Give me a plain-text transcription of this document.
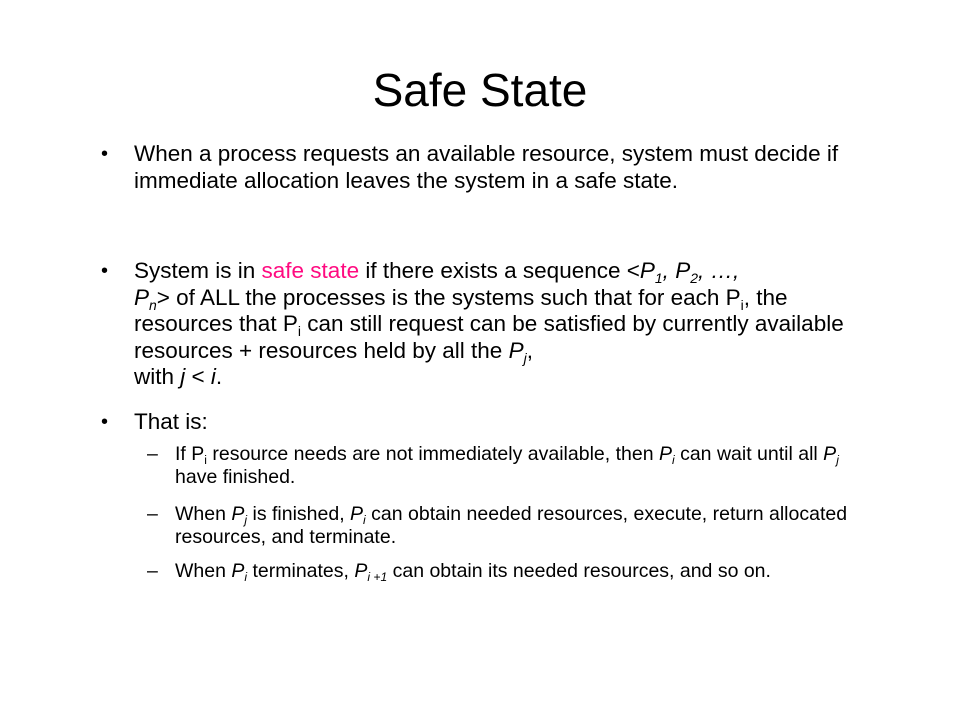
Safe State
• When a process requests an available resource, system must decide if immediate allocation leaves the system in a safe state.
• System is in safe state if there exists a sequence $<P_1$, $P_2$, …,
$P_n>$ of ALL the processes is the systems such that for each $P_i$, the resources that $P_i$ can still request can be satisfied by currently available resources + resources held by all the $P_j$,
with j < i.
• That is:
– If $P_i$ resource needs are not immediately available, then $P_i$ can wait until all $P_j$ have finished.
– When $P_j$ is finished, $P_i$ can obtain needed resources, execute, return allocated resources, and terminate.
– When $P_i$ terminates, $P_{i +1}$ can obtain its needed resources, and so on.
